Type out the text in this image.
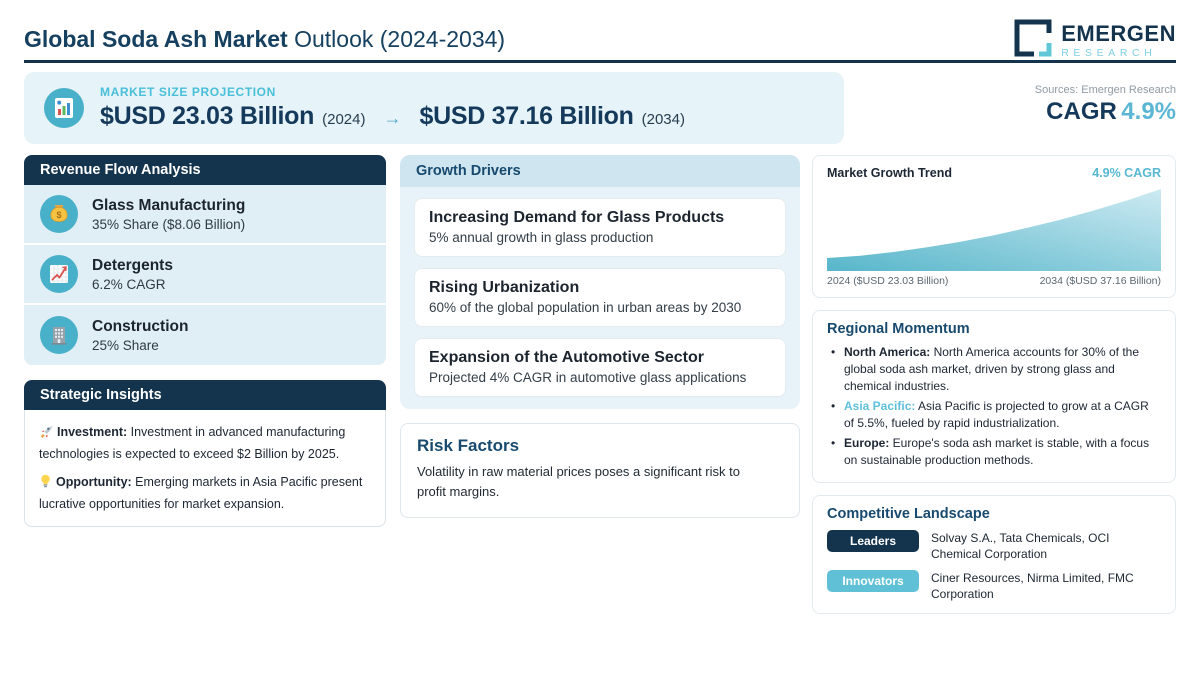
Global Soda Ash Market Outlook (2024-2034)	EMERGEN
RESEARCH
MARKET SIZE PROJECTION
$USD 23.03 Billion (2024) → $USD 37.16 Billion (2034)
Sources: Emergen Research
CAGR 4.9%
Revenue Flow Analysis
$
Glass Manufacturing
35% Share ($8.06 Billion)
Detergents
6.2% CAGR
Construction
25% Share
Strategic Insights

Investment: Investment in advanced manufacturing technologies is expected to exceed $2 Billion by 2025.

Opportunity: Emerging markets in Asia Pacific present lucrative opportunities for market expansion.

Growth Drivers
Increasing Demand for Glass Products
5% annual growth in glass production
Rising Urbanization
60% of the global population in urban areas by 2030
Expansion of the Automotive Sector
Projected 4% CAGR in automotive glass applications
Risk Factors
Volatility in raw material prices poses a significant risk to profit margins.
Market Growth Trend	4.9% CAGR
2024 ($USD 23.03 Billion)	2034 ($USD 37.16 Billion)
Regional Momentum
• North America: North America accounts for 30% of the global soda ash market, driven by strong glass and chemical industries.
• Asia Pacific: Asia Pacific is projected to grow at a CAGR of 5.5%, fueled by rapid industrialization.
• Europe: Europe's soda ash market is stable, with a focus on sustainable production methods.
Competitive Landscape
Leaders	Solvay S.A., Tata Chemicals, OCI Chemical Corporation
Innovators	Ciner Resources, Nirma Limited, FMC Corporation
